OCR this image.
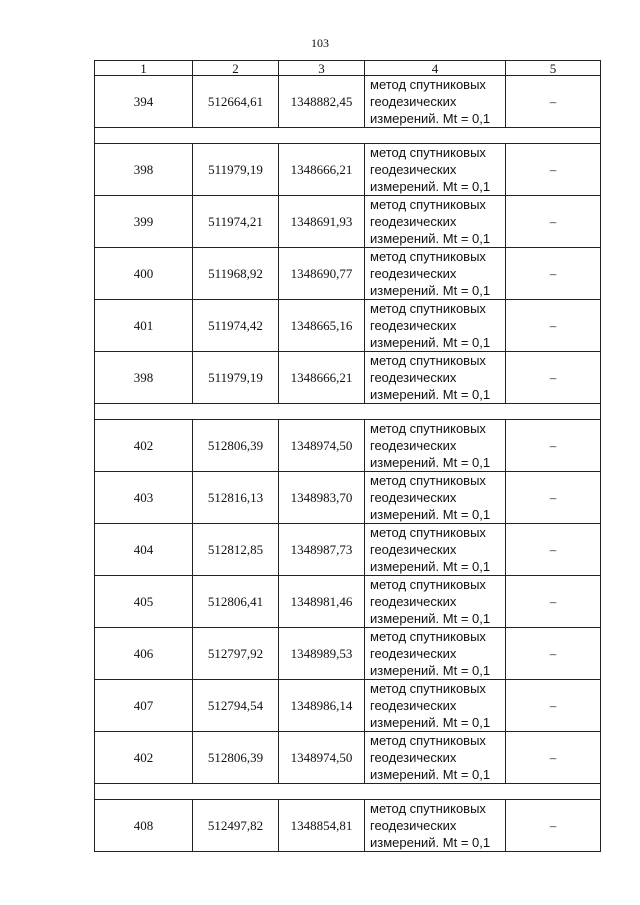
103
1	2	3	4	5
394	512664,61	1348882,45	метод спутниковых
геодезических
измерений. Mt = 0,1	–

398	511979,19	1348666,21	метод спутниковых
геодезических
измерений. Mt = 0,1	–
399	511974,21	1348691,93	метод спутниковых
геодезических
измерений. Mt = 0,1	–
400	511968,92	1348690,77	метод спутниковых
геодезических
измерений. Mt = 0,1	–
401	511974,42	1348665,16	метод спутниковых
геодезических
измерений. Mt = 0,1	–
398	511979,19	1348666,21	метод спутниковых
геодезических
измерений. Mt = 0,1	–

402	512806,39	1348974,50	метод спутниковых
геодезических
измерений. Mt = 0,1	–
403	512816,13	1348983,70	метод спутниковых
геодезических
измерений. Mt = 0,1	–
404	512812,85	1348987,73	метод спутниковых
геодезических
измерений. Mt = 0,1	–
405	512806,41	1348981,46	метод спутниковых
геодезических
измерений. Mt = 0,1	–
406	512797,92	1348989,53	метод спутниковых
геодезических
измерений. Mt = 0,1	–
407	512794,54	1348986,14	метод спутниковых
геодезических
измерений. Mt = 0,1	–
402	512806,39	1348974,50	метод спутниковых
геодезических
измерений. Mt = 0,1	–

408	512497,82	1348854,81	метод спутниковых
геодезических
измерений. Mt = 0,1	–
